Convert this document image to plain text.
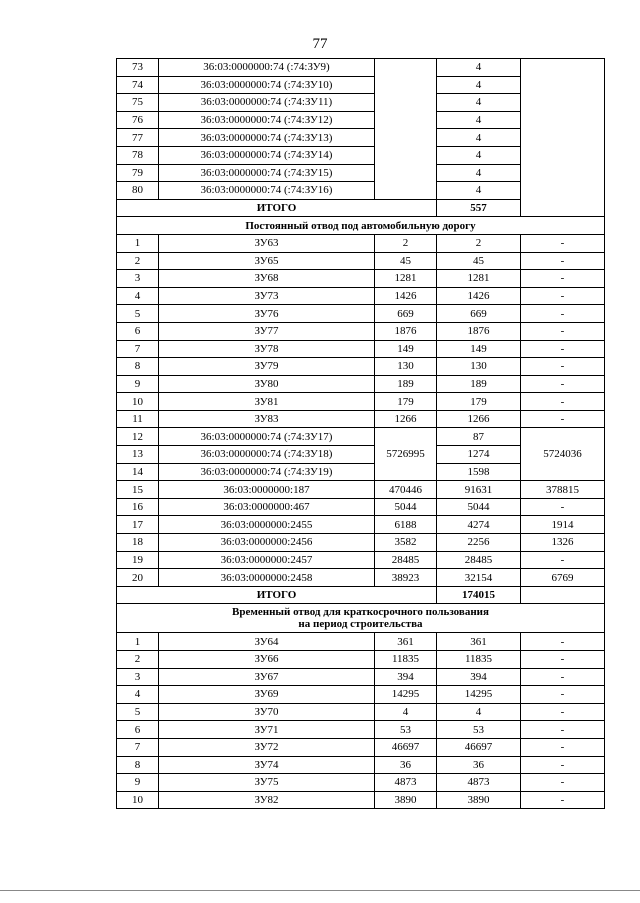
77
73	36:03:0000000:74 (:74:ЗУ9)		4	
74	36:03:0000000:74 (:74:ЗУ10)		4	
75	36:03:0000000:74 (:74:ЗУ11)		4	
76	36:03:0000000:74 (:74:ЗУ12)		4	
77	36:03:0000000:74 (:74:ЗУ13)		4	
78	36:03:0000000:74 (:74:ЗУ14)		4	
79	36:03:0000000:74 (:74:ЗУ15)		4	
80	36:03:0000000:74 (:74:ЗУ16)		4	
ИТОГО			557	
Постоянный отвод под автомобильную дорогу				
1	ЗУ63	2	2	-
2	ЗУ65	45	45	-
3	ЗУ68	1281	1281	-
4	ЗУ73	1426	1426	-
5	ЗУ76	669	669	-
6	ЗУ77	1876	1876	-
7	ЗУ78	149	149	-
8	ЗУ79	130	130	-
9	ЗУ80	189	189	-
10	ЗУ81	179	179	-
11	ЗУ83	1266	1266	-
12	36:03:0000000:74 (:74:ЗУ17)	5726995	87	5724036
13	36:03:0000000:74 (:74:ЗУ18)		1274	
14	36:03:0000000:74 (:74:ЗУ19)		1598	
15	36:03:0000000:187	470446	91631	378815
16	36:03:0000000:467	5044	5044	-
17	36:03:0000000:2455	6188	4274	1914
18	36:03:0000000:2456	3582	2256	1326
19	36:03:0000000:2457	28485	28485	-
20	36:03:0000000:2458	38923	32154	6769
ИТОГО			174015	

Временный отвод для краткосрочного пользования
на период строительства				

1	ЗУ64	361	361	-
2	ЗУ66	11835	11835	-
3	ЗУ67	394	394	-
4	ЗУ69	14295	14295	-
5	ЗУ70	4	4	-
6	ЗУ71	53	53	-
7	ЗУ72	46697	46697	-
8	ЗУ74	36	36	-
9	ЗУ75	4873	4873	-
10	ЗУ82	3890	3890	-
